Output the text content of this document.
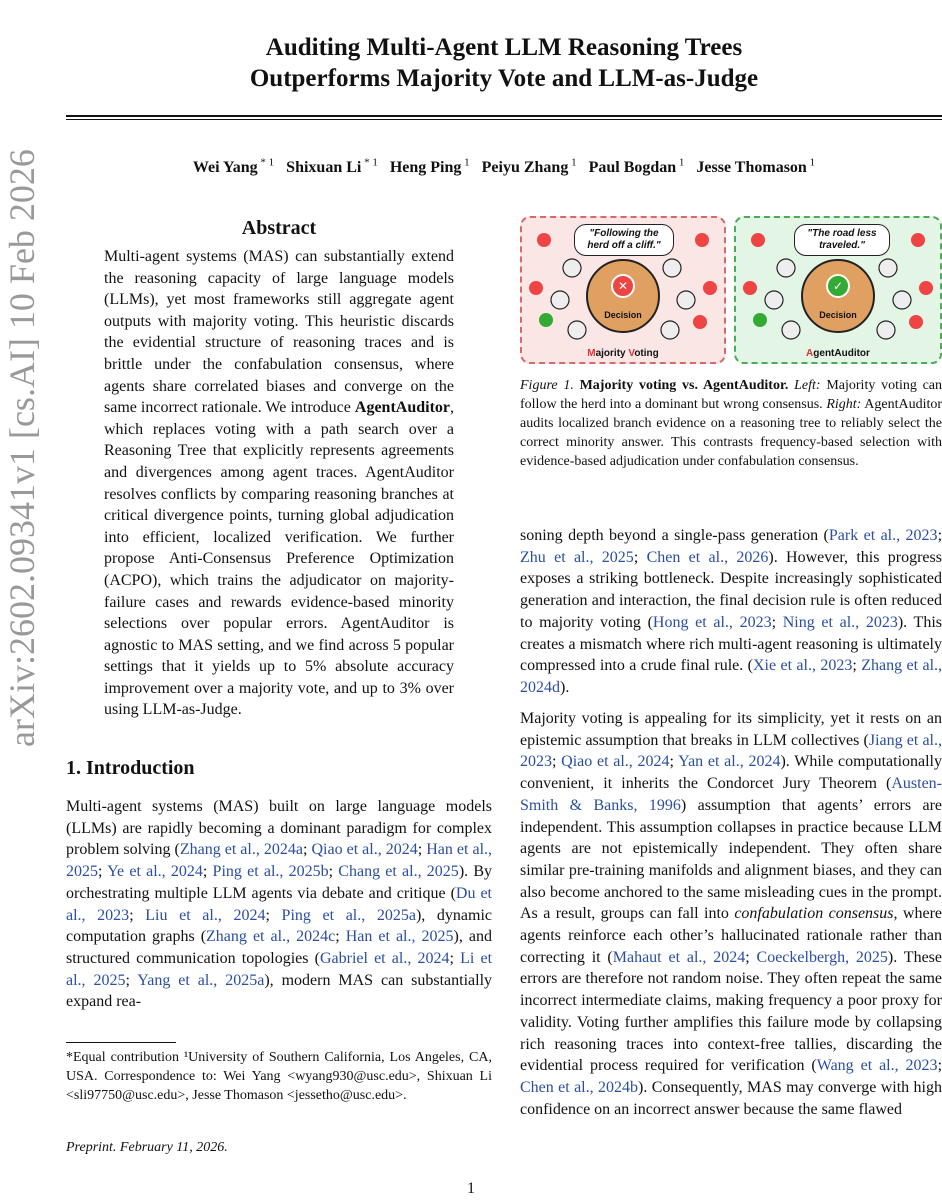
Auditing Multi-Agent LLM Reasoning Trees
Outperforms Majority Vote and LLM-as-Judge
Wei Yang $^{* 1}$ Shixuan Li $^{* 1}$ Heng Ping $^1$ Peiyu Zhang $^1$ Paul Bogdan $^1$ Jesse Thomason $^1$
arXiv:2602.09341v1 [cs.AI] 10 Feb 2026	Abstract
Multi-agent systems (MAS) can substantially extend the reasoning capacity of large language models (LLMs), yet most frameworks still aggregate agent outputs with majority voting. This heuristic discards the evidential structure of reasoning traces and is brittle under the confabulation consensus, where agents share correlated biases and converge on the same incorrect rationale. We introduce AgentAuditor, which replaces voting with a path search over a Reasoning Tree that explicitly represents agreements and divergences among agent traces. AgentAuditor resolves conflicts by comparing reasoning branches at critical divergence points, turning global adjudication into efficient, localized verification. We further propose Anti-Consensus Preference Optimization (ACPO), which trains the adjudicator on majority-failure cases and rewards evidence-based minority selections over popular errors. AgentAuditor is agnostic to MAS setting, and we find across 5 popular settings that it yields up to 5% absolute accuracy improvement over a majority vote, and up to 3% over using LLM-as-Judge.
1. Introduction
Multi-agent systems (MAS) built on large language models (LLMs) are rapidly becoming a dominant paradigm for complex problem solving (Zhang et al., 2024a; Qiao et al., 2024; Han et al., 2025; Ye et al., 2024; Ping et al., 2025b; Chang et al., 2025). By orchestrating multiple LLM agents via debate and critique (Du et al., 2023; Liu et al., 2024; Ping et al., 2025a), dynamic computation graphs (Zhang et al., 2024c; Han et al., 2025), and structured communication topologies (Gabriel et al., 2024; Li et al., 2025; Yang et al., 2025a), modern MAS can substantially expand rea-
*Equal contribution ¹University of Southern California, Los Angeles, CA, USA. Correspondence to: Wei Yang <wyang930@usc.edu>, Shixuan Li <sli97750@usc.edu>, Jesse Thomason <jessetho@usc.edu>.
Preprint. February 11, 2026.
✕
"Following the herd off a cliff."
Decision
Majority Voting
✓
"The road less traveled."
Decision
AgentAuditor
Figure 1. Majority voting vs. AgentAuditor. Left: Majority voting can follow the herd into a dominant but wrong consensus. Right: AgentAuditor audits localized branch evidence on a reasoning tree to reliably select the correct minority answer. This contrasts frequency-based selection with evidence-based adjudication under confabulation consensus.
soning depth beyond a single-pass generation (Park et al., 2023; Zhu et al., 2025; Chen et al., 2026). However, this progress exposes a striking bottleneck. Despite increasingly sophisticated generation and interaction, the final decision rule is often reduced to majority voting (Hong et al., 2023; Ning et al., 2023). This creates a mismatch where rich multi-agent reasoning is ultimately compressed into a crude final rule. (Xie et al., 2023; Zhang et al., 2024d).
Majority voting is appealing for its simplicity, yet it rests on an epistemic assumption that breaks in LLM collectives (Jiang et al., 2023; Qiao et al., 2024; Yan et al., 2024). While computationally convenient, it inherits the Condorcet Jury Theorem (Austen-Smith & Banks, 1996) assumption that agents’ errors are independent. This assumption collapses in practice because LLM agents are not epistemically independent. They often share similar pre-training manifolds and alignment biases, and they can also become anchored to the same misleading cues in the prompt. As a result, groups can fall into confabulation consensus, where agents reinforce each other’s hallucinated rationale rather than correcting it (Mahaut et al., 2024; Coeckelbergh, 2025). These errors are therefore not random noise. They often repeat the same incorrect intermediate claims, making frequency a poor proxy for validity. Voting further amplifies this failure mode by collapsing rich reasoning traces into context-free tallies, discarding the evidential process required for verification (Wang et al., 2023; Chen et al., 2024b). Consequently, MAS may converge with high confidence on an incorrect answer because the same flawed
1
